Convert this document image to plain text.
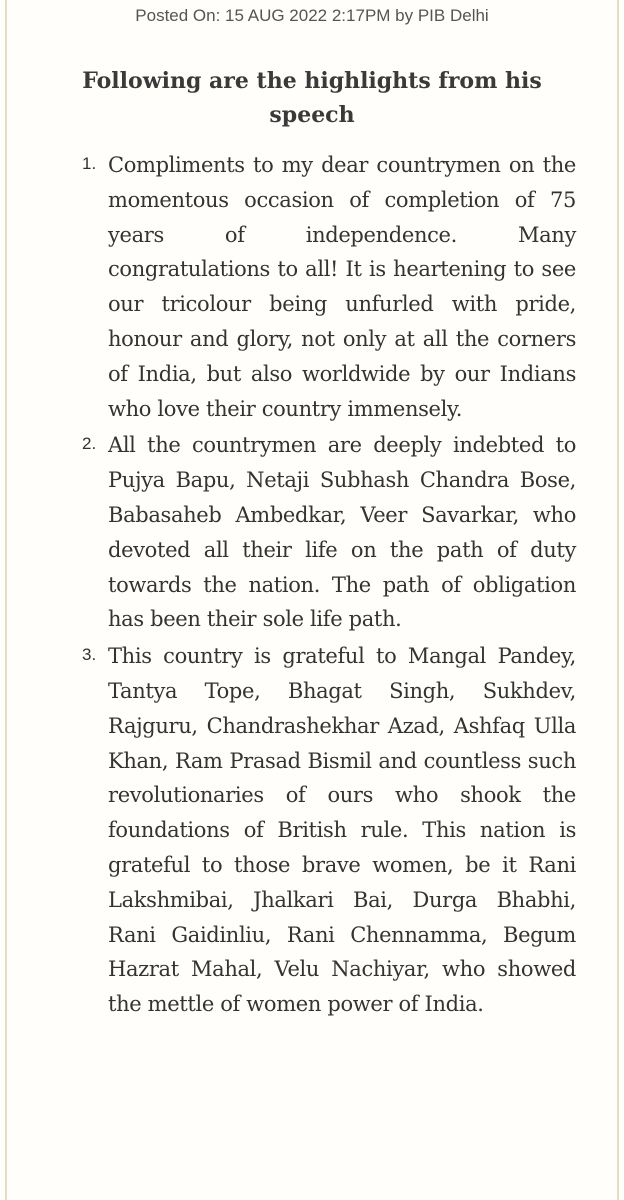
Posted On: 15 AUG 2022 2:17PM by PIB Delhi
Following are the highlights from his speech
1. Compliments to my dear countrymen on the momentous occasion of completion of 75 years of independence. Many congratulations to all! It is heartening to see our tricolour being unfurled with pride, honour and glory, not only at all the corners of India, but also worldwide by our Indians who love their country immensely.
2. All the countrymen are deeply indebted to Pujya Bapu, Netaji Subhash Chandra Bose, Babasaheb Ambedkar, Veer Savarkar, who devoted all their life on the path of duty towards the nation. The path of obligation has been their sole life path.
3. This country is grateful to Mangal Pandey, Tantya Tope, Bhagat Singh, Sukhdev, Rajguru, Chandrashekhar Azad, Ashfaq Ulla Khan, Ram Prasad Bismil and countless such revolutionaries of ours who shook the foundations of British rule. This nation is grateful to those brave women, be it Rani Lakshmibai, Jhalkari Bai, Durga Bhabhi, Rani Gaidinliu, Rani Chennamma, Begum Hazrat Mahal, Velu Nachiyar, who showed the mettle of women power of India.
